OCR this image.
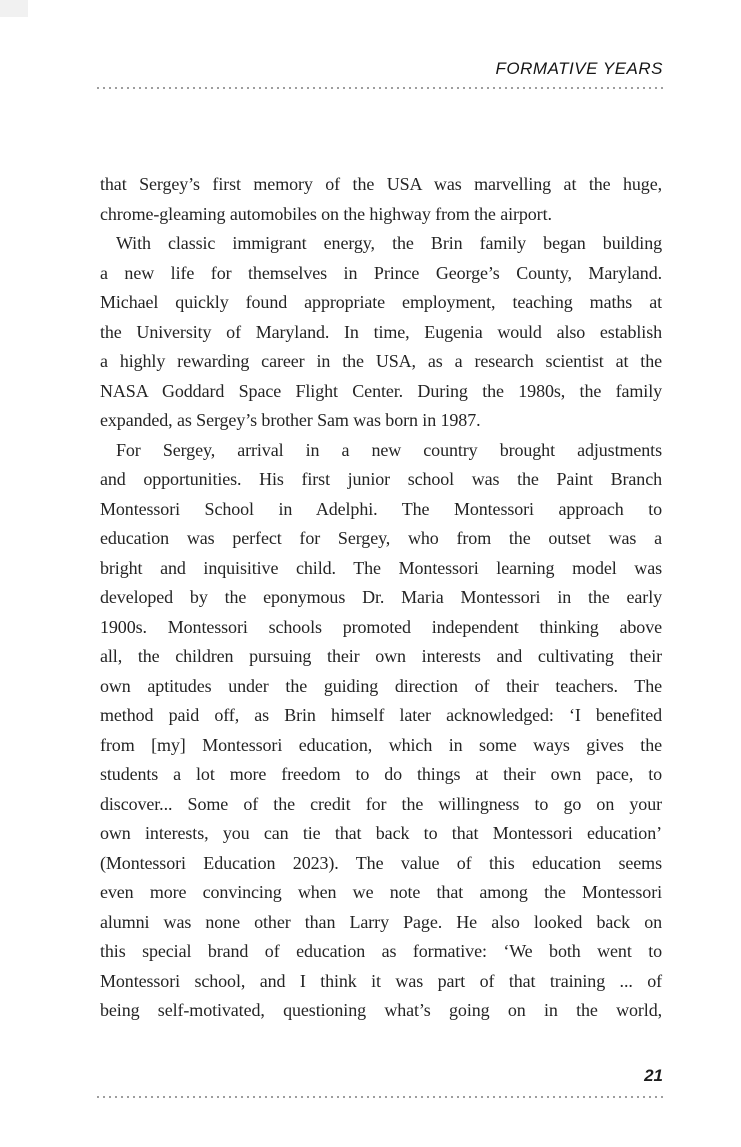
FORMATIVE YEARS
that Sergey’s first memory of the USA was marvelling at the huge,
chrome-gleaming automobiles on the highway from the airport.
With classic immigrant energy, the Brin family began building
a new life for themselves in Prince George’s County, Maryland.
Michael quickly found appropriate employment, teaching maths at
the University of Maryland. In time, Eugenia would also establish
a highly rewarding career in the USA, as a research scientist at the
NASA Goddard Space Flight Center. During the 1980s, the family
expanded, as Sergey’s brother Sam was born in 1987.
For Sergey, arrival in a new country brought adjustments
and opportunities. His first junior school was the Paint Branch
Montessori School in Adelphi. The Montessori approach to
education was perfect for Sergey, who from the outset was a
bright and inquisitive child. The Montessori learning model was
developed by the eponymous Dr. Maria Montessori in the early
1900s. Montessori schools promoted independent thinking above
all, the children pursuing their own interests and cultivating their
own aptitudes under the guiding direction of their teachers. The
method paid off, as Brin himself later acknowledged: ‘I benefited
from [my] Montessori education, which in some ways gives the
students a lot more freedom to do things at their own pace, to
discover... Some of the credit for the willingness to go on your
own interests, you can tie that back to that Montessori education’
(Montessori Education 2023). The value of this education seems
even more convincing when we note that among the Montessori
alumni was none other than Larry Page. He also looked back on
this special brand of education as formative: ‘We both went to
Montessori school, and I think it was part of that training ... of
being self-motivated, questioning what’s going on in the world,
21
